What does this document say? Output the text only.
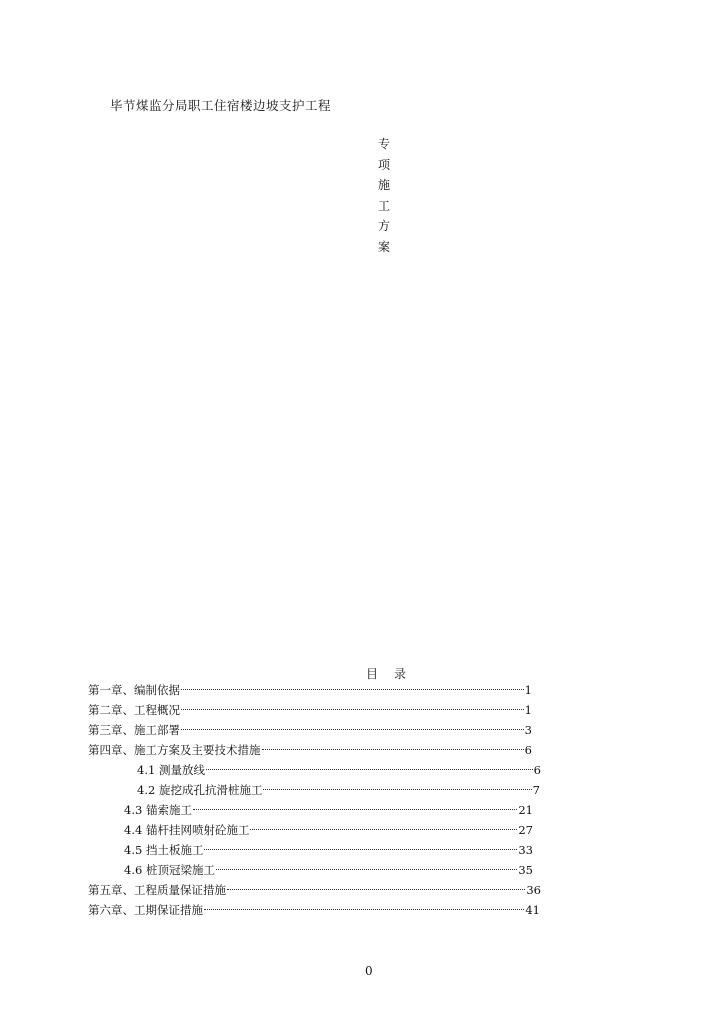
毕节煤监分局职工住宿楼边坡支护工程
专
项
施
工
方
案
目 录
第一章、编制依据	1
第二章、工程概况	1
第三章、施工部署	3
第四章、施工方案及主要技术措施	6
4.1 测量放线	6
4.2 旋挖成孔抗滑桩施工	7
4.3 锚索施工	21
4.4 锚杆挂网喷射砼施工	27
4.5 挡土板施工	33
4.6 桩顶冠梁施工	35
第五章、工程质量保证措施	36
第六章、工期保证措施	41
0
